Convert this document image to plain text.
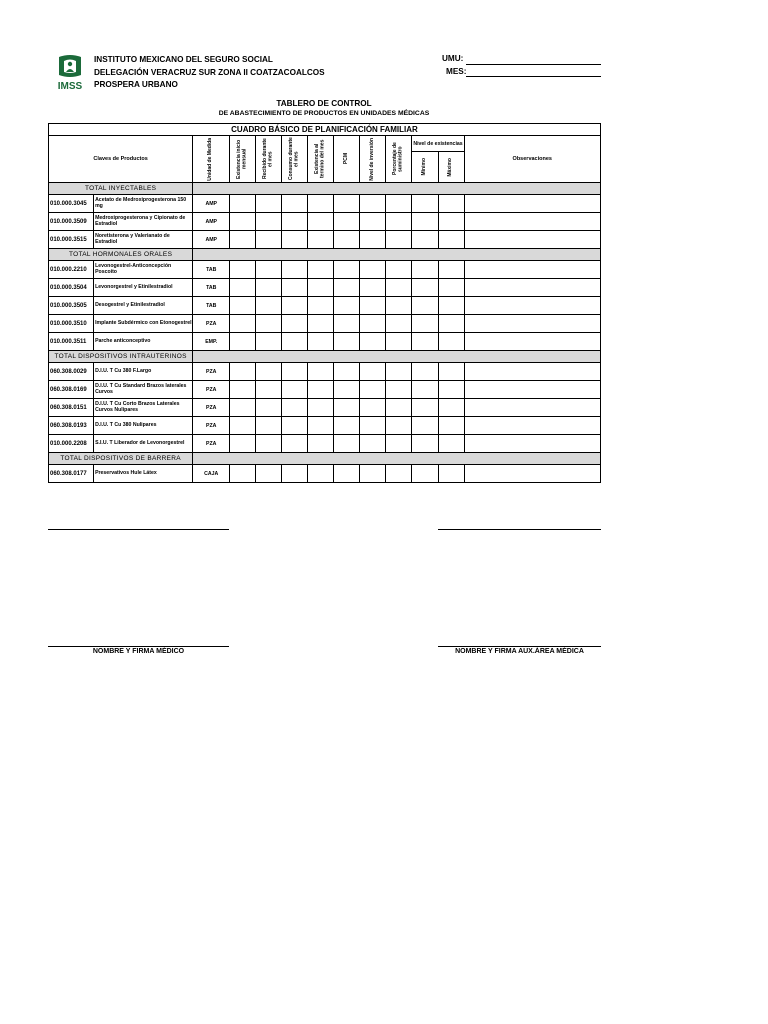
IMSS
INSTITUTO MEXICANO DEL SEGURO SOCIAL
DELEGACIÓN VERACRUZ SUR ZONA II COATZACOALCOS
PROSPERA URBANO
UMU:
MES:
TABLERO DE CONTROL
DE ABASTECIMIENTO DE PRODUCTOS EN UNIDADES MÉDICAS
CUADRO BÁSICO DE PLANIFICACIÓN FAMILIAR												
Claves de Productos		Unidad de Medida	Existencia inicio mensual	Recibido durante el mes	Consumo durante el mes	Existencia al termino del mes	PCM	Nivel de inversión	Porcentaje de suministro	Nivel de existencias		Observaciones

										Mínimo	Máximo	

TOTAL INYECTABLES												
010.000.3045	Acetato de Medroxiprogesterona 150 mg	AMP										
010.000.3509	Medroxiprogesterona y Cipionato de Estradiol	AMP										
010.000.3515	Noretisterona y Valerianato de Estradiol	AMP										
TOTAL HORMONALES ORALES												
010.000.2210	Levonogestrel-Anticoncepción Poscoito	TAB										
010.000.3504	Levonorgestrel y Etinilestradiol	TAB										
010.000.3505	Desogestrel y Etinilestradiol	TAB										
010.000.3510	Implante Subdérmico con Etonogestrel	PZA										
010.000.3511	Parche anticonceptivo	EMP.										
TOTAL DISPOSITIVOS INTRAUTERINOS												
060.308.0029	D.I.U. T Cu 380 F.Largo	PZA										
060.308.0169	D.I.U. T Cu Standard Brazos laterales Curvos	PZA										
060.308.0151	D.I.U. T Cu Corto Brazos Laterales Curvos Nulipares	PZA										
060.308.0193	D.I.U. T Cu 380 Nulipares	PZA										
010.000.2208	S.I.U. T Liberador de Levonorgestrel	PZA										
TOTAL DISPOSITIVOS DE BARRERA												
060.308.0177	Preservativos Hule Látex	CAJA										
NOMBRE Y FIRMA MÉDICO	NOMBRE Y FIRMA AUX.ÁREA MÉDICA
